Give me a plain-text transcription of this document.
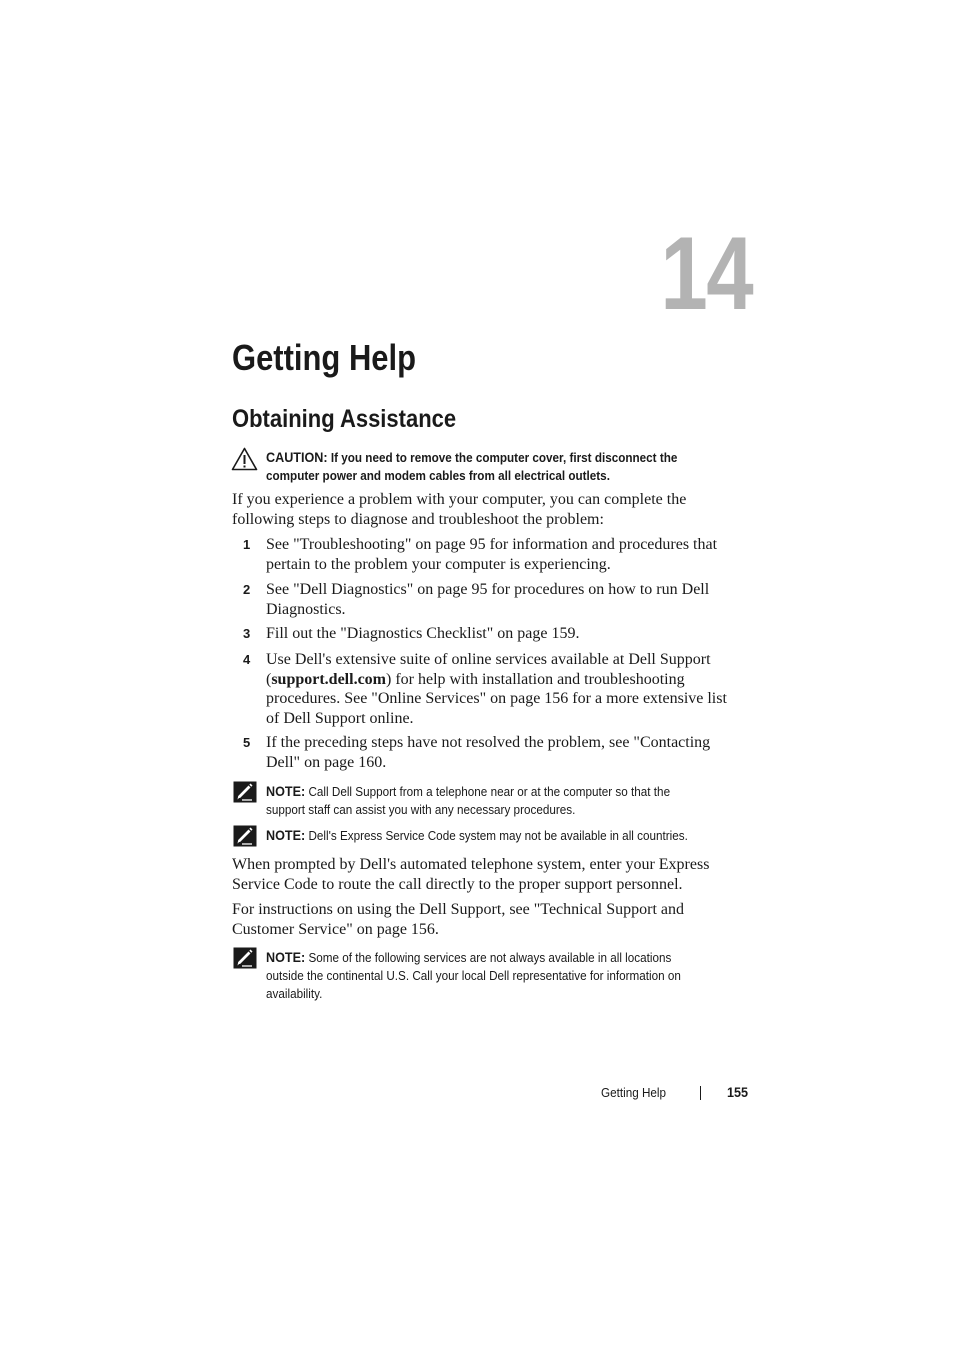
14
Getting Help
Obtaining Assistance
CAUTION: If you need to remove the computer cover, first disconnect the computer power and modem cables from all electrical outlets.

If you experience a problem with your computer, you can complete the following steps to diagnose and troubleshoot the problem:

1 See "Troubleshooting" on page 95 for information and procedures that pertain to the problem your computer is experiencing.

2 See "Dell Diagnostics" on page 95 for procedures on how to run Dell Diagnostics.

3 Fill out the "Diagnostics Checklist" on page 159.

4 Use Dell's extensive suite of online services available at Dell Support (support.dell.com) for help with installation and troubleshooting procedures. See "Online Services" on page 156 for a more extensive list of Dell Support online.

5 If the preceding steps have not resolved the problem, see "Contacting Dell" on page 160.

NOTE: Call Dell Support from a telephone near or at the computer so that the support staff can assist you with any necessary procedures.
NOTE: Dell's Express Service Code system may not be available in all countries.

When prompted by Dell's automated telephone system, enter your Express Service Code to route the call directly to the proper support personnel.

For instructions on using the Dell Support, see "Technical Support and Customer Service" on page 156.

NOTE: Some of the following services are not always available in all locations outside the continental U.S. Call your local Dell representative for information on availability.
Getting Help	155
